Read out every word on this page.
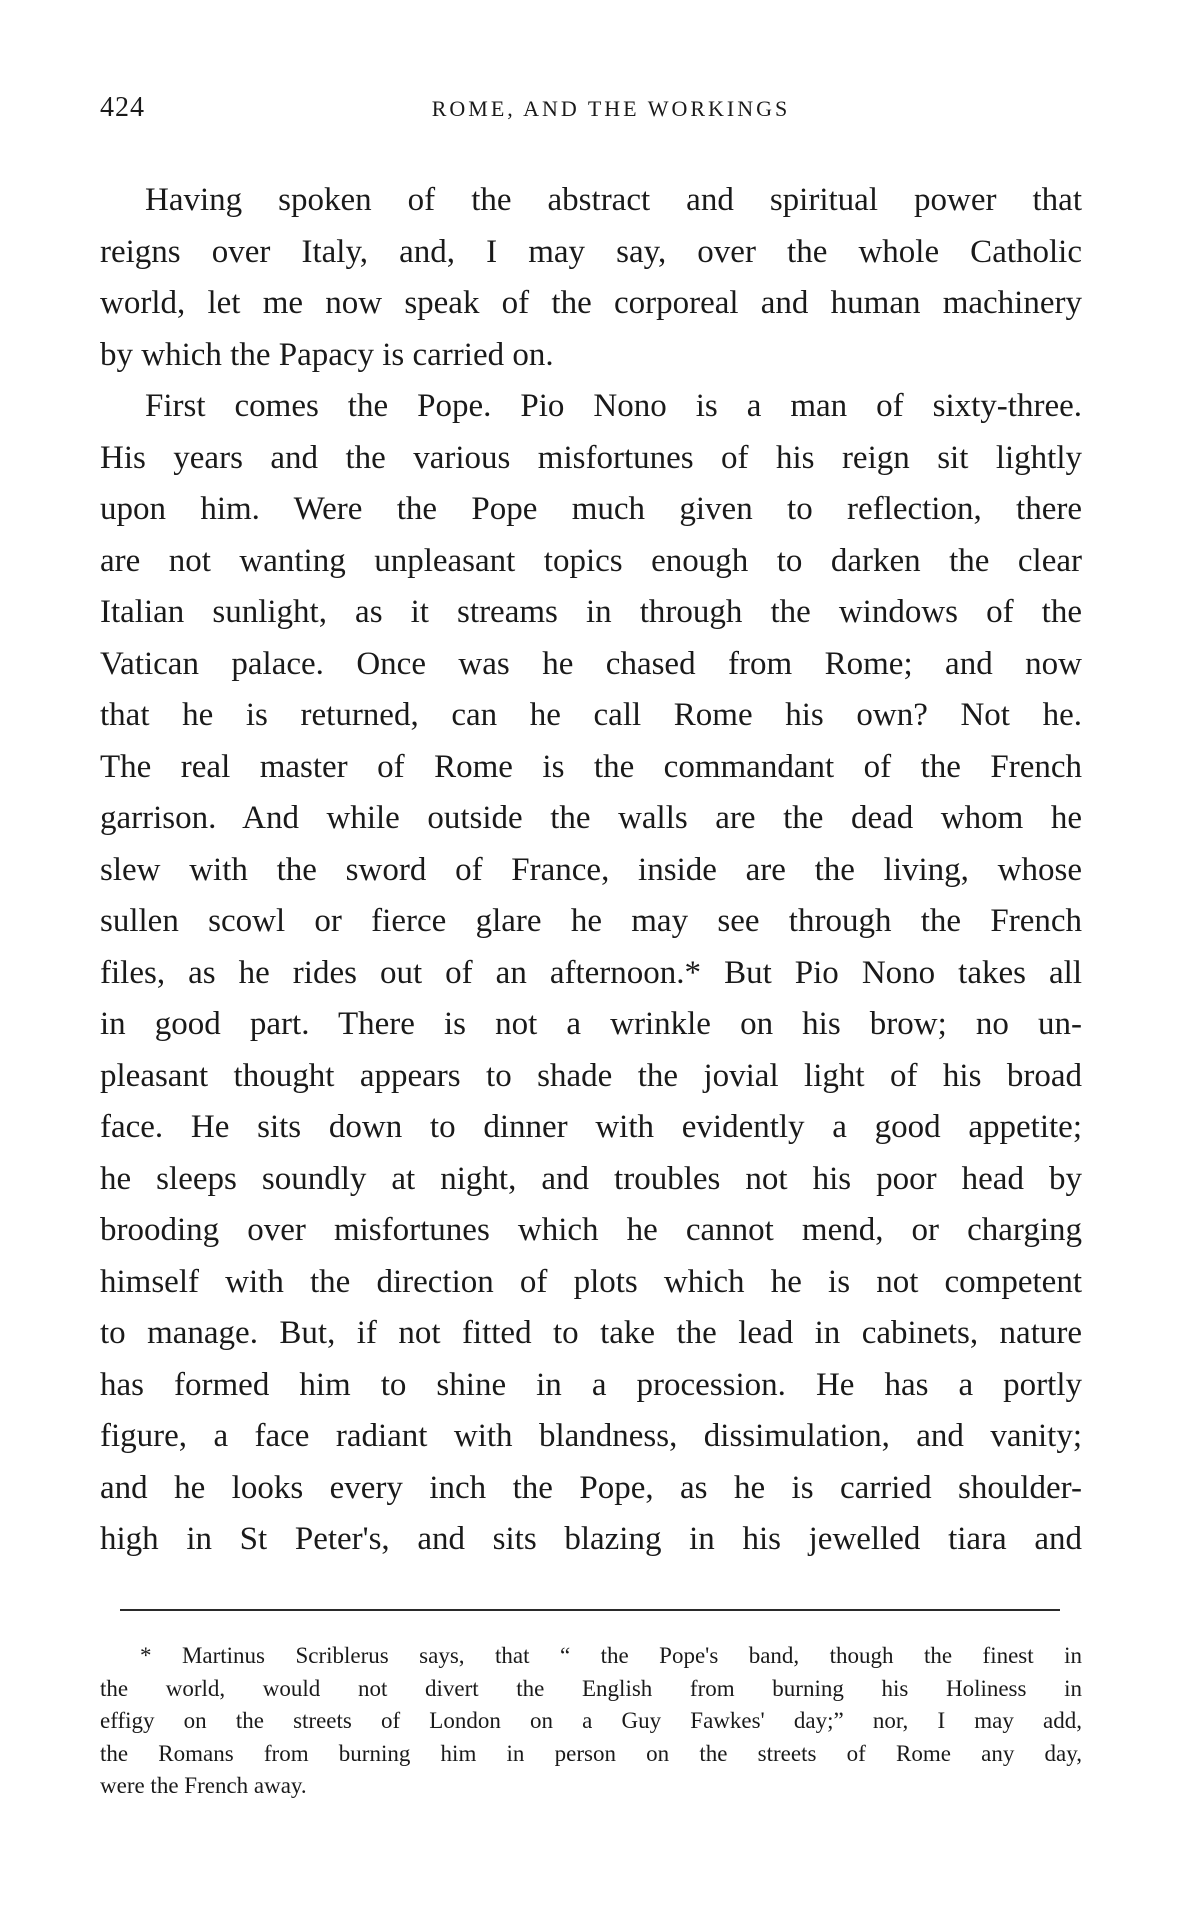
424	ROME, AND THE WORKINGS
Having spoken of the abstract and spiritual power that
reigns over Italy, and, I may say, over the whole Catholic
world, let me now speak of the corporeal and human machinery
by which the Papacy is carried on.
First comes the Pope. Pio Nono is a man of sixty-three.
His years and the various misfortunes of his reign sit lightly
upon him. Were the Pope much given to reflection, there
are not wanting unpleasant topics enough to darken the clear
Italian sunlight, as it streams in through the windows of the
Vatican palace. Once was he chased from Rome; and now
that he is returned, can he call Rome his own? Not he.
The real master of Rome is the commandant of the French
garrison. And while outside the walls are the dead whom he
slew with the sword of France, inside are the living, whose
sullen scowl or fierce glare he may see through the French
files, as he rides out of an afternoon.* But Pio Nono takes all
in good part. There is not a wrinkle on his brow; no un-
pleasant thought appears to shade the jovial light of his broad
face. He sits down to dinner with evidently a good appetite;
he sleeps soundly at night, and troubles not his poor head by
brooding over misfortunes which he cannot mend, or charging
himself with the direction of plots which he is not competent
to manage. But, if not fitted to take the lead in cabinets, nature
has formed him to shine in a procession. He has a portly
figure, a face radiant with blandness, dissimulation, and vanity;
and he looks every inch the Pope, as he is carried shoulder-
high in St Peter's, and sits blazing in his jewelled tiara and
* Martinus Scriblerus says, that “ the Pope's band, though the finest in
the world, would not divert the English from burning his Holiness in
effigy on the streets of London on a Guy Fawkes' day;” nor, I may add,
the Romans from burning him in person on the streets of Rome any day,
were the French away.
